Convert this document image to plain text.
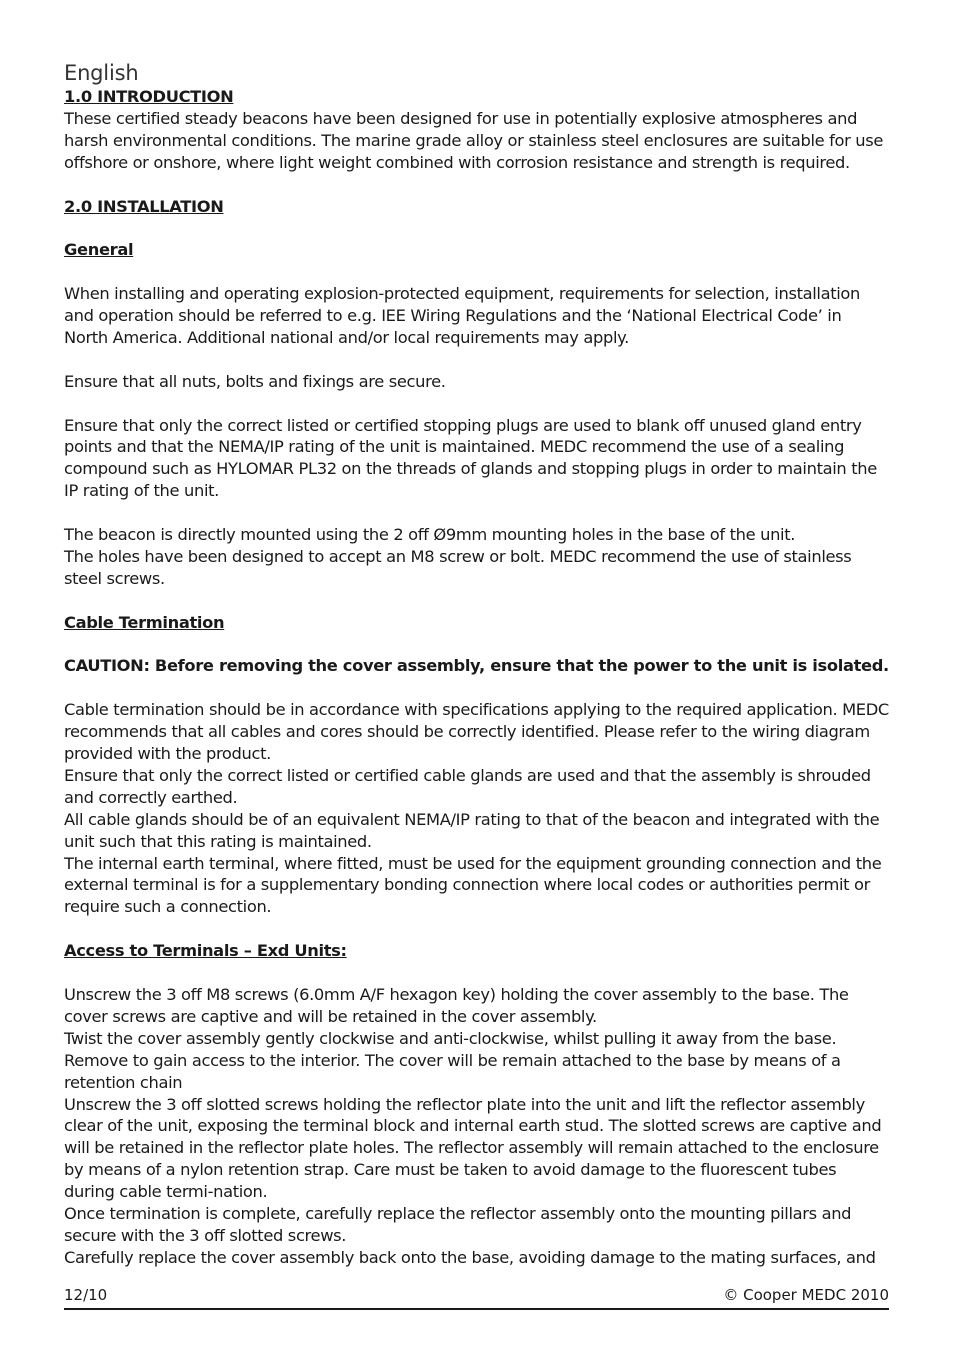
English

1.0 INTRODUCTION

These certified steady beacons have been designed for use in potentially explosive atmospheres and harsh environmental conditions. The marine grade alloy or stainless steel enclosures are suitable for use offshore or onshore, where light weight combined with corrosion resistance and strength is required.

2.0 INSTALLATION

General

When installing and operating explosion-protected equipment, requirements for selection, installation and operation should be referred to e.g. IEE Wiring Regulations and the ‘National Electrical Code’ in North America. Additional national and/or local requirements may apply.

Ensure that all nuts, bolts and fixings are secure.

Ensure that only the correct listed or certified stopping plugs are used to blank off unused gland entry points and that the NEMA/IP rating of the unit is maintained. MEDC recommend the use of a sealing compound such as HYLOMAR PL32 on the threads of glands and stopping plugs in order to maintain the IP rating of the unit.

The beacon is directly mounted using the 2 off Ø9mm mounting holes in the base of the unit.

The holes have been designed to accept an M8 screw or bolt. MEDC recommend the use of stainless steel screws.

Cable Termination

CAUTION: Before removing the cover assembly, ensure that the power to the unit is isolated.

Cable termination should be in accordance with specifications applying to the required application. MEDC recommends that all cables and cores should be correctly identified. Please refer to the wiring diagram provided with the product.

Ensure that only the correct listed or certified cable glands are used and that the assembly is shrouded and correctly earthed.

All cable glands should be of an equivalent NEMA/IP rating to that of the beacon and integrated with the unit such that this rating is maintained.

The internal earth terminal, where fitted, must be used for the equipment grounding connection and the external terminal is for a supplementary bonding connection where local codes or authorities permit or require such a connection.

Access to Terminals – Exd Units:

Unscrew the 3 off M8 screws (6.0mm A/F hexagon key) holding the cover assembly to the base. The cover screws are captive and will be retained in the cover assembly.

Twist the cover assembly gently clockwise and anti-clockwise, whilst pulling it away from the base. Remove to gain access to the interior. The cover will be remain attached to the base by means of a retention chain

Unscrew the 3 off slotted screws holding the reflector plate into the unit and lift the reflector assembly clear of the unit, exposing the terminal block and internal earth stud. The slotted screws are captive and will be retained in the reflector plate holes. The reflector assembly will remain attached to the enclosure by means of a nylon retention strap. Care must be taken to avoid damage to the fluorescent tubes during cable termi-nation.

Once termination is complete, carefully replace the reflector assembly onto the mounting pillars and secure with the 3 off slotted screws.

Carefully replace the cover assembly back onto the base, avoiding damage to the mating surfaces, and

12/10	© Cooper MEDC 2010
